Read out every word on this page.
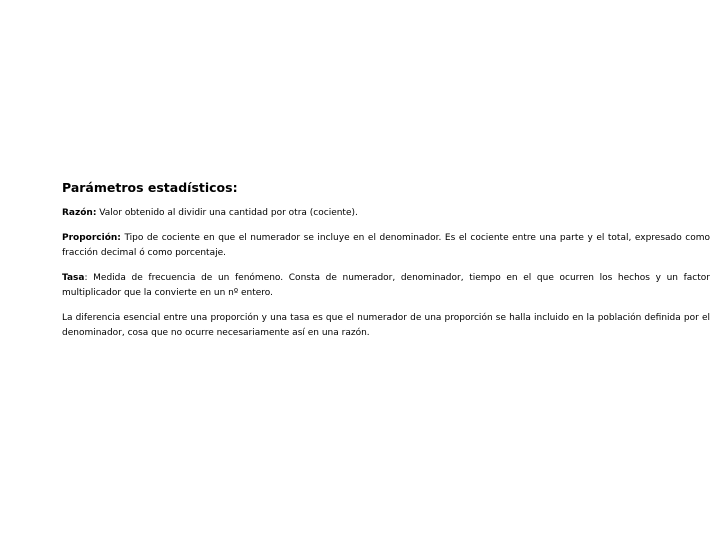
Parámetros estadísticos:

Razón: Valor obtenido al dividir una cantidad por otra (cociente).

Proporción: Tipo de cociente en que el numerador se incluye en el denominador. Es el cociente entre una parte y el total, expresado como fracción decimal ó como porcentaje.

Tasa: Medida de frecuencia de un fenómeno. Consta de numerador, denominador, tiempo en el que ocurren los hechos y un factor multiplicador que la convierte en un nº entero.

La diferencia esencial entre una proporción y una tasa es que el numerador de una proporción se halla incluido en la población definida por el denominador, cosa que no ocurre necesariamente así en una razón.
